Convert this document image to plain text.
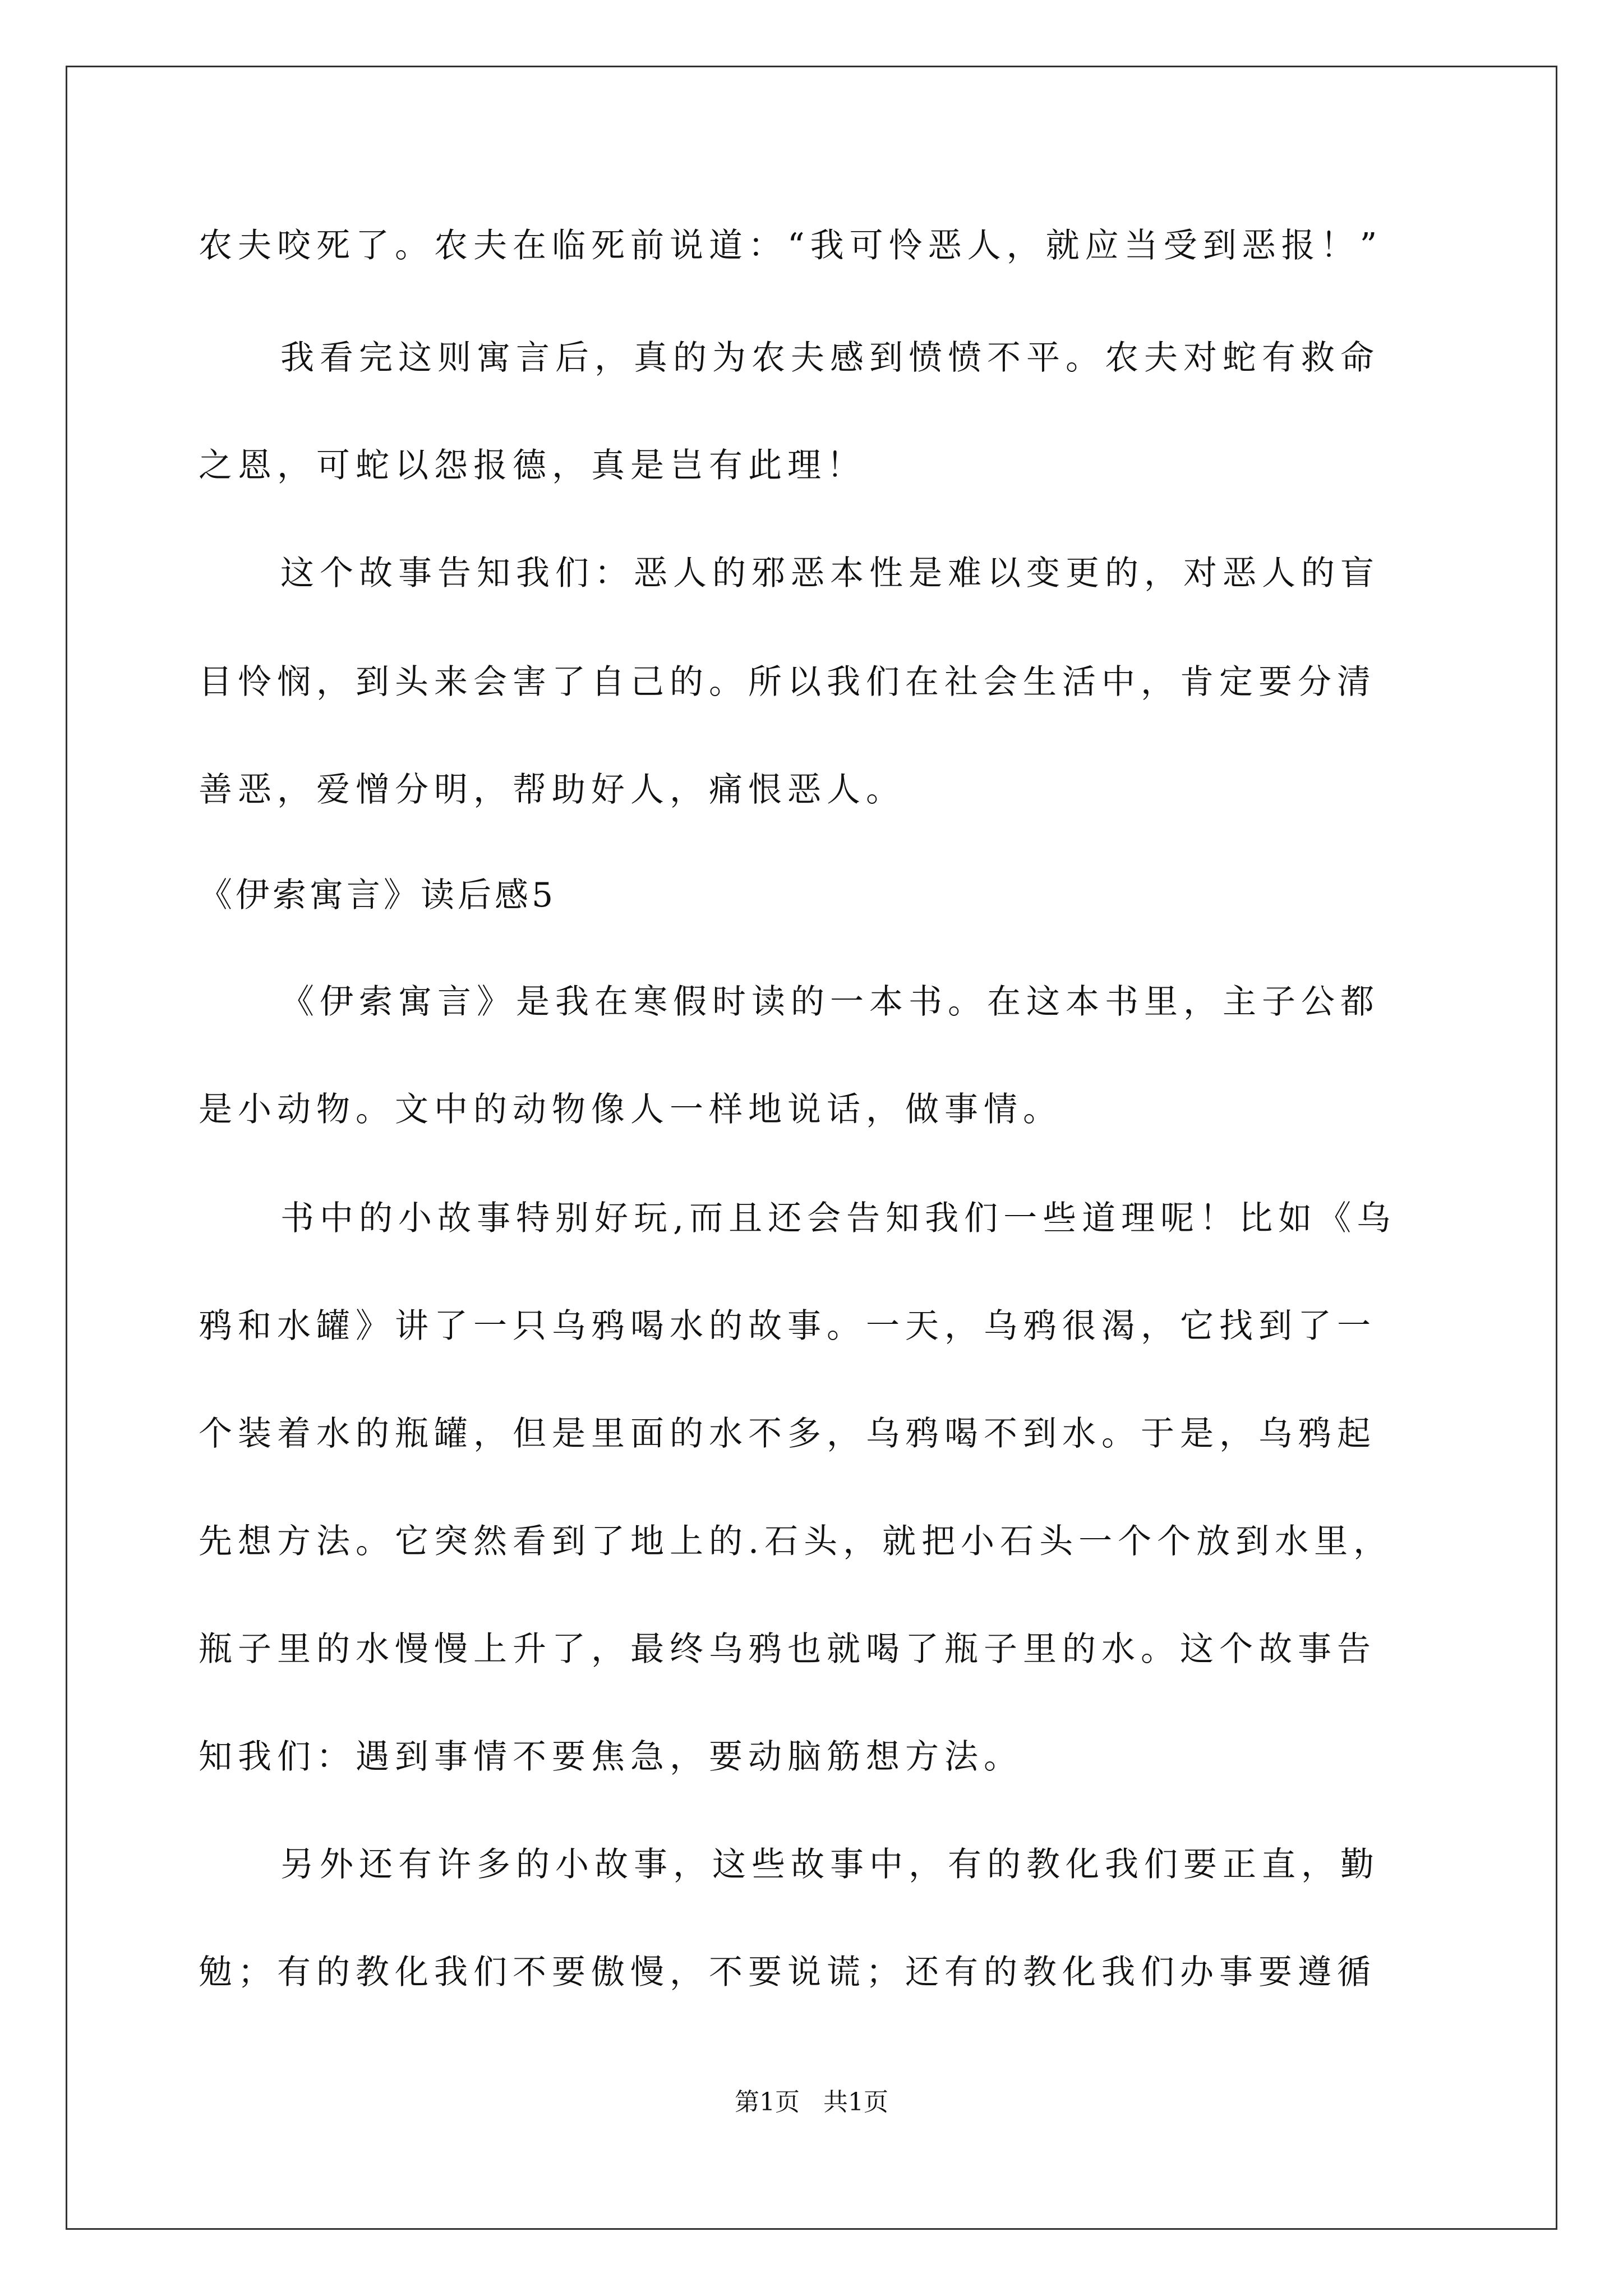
农夫咬死了。农夫在临死前说道：“我可怜恶人，就应当受到恶报！”
我看完这则寓言后，真的为农夫感到愤愤不平。农夫对蛇有救命
之恩，可蛇以怨报德，真是岂有此理！
这个故事告知我们：恶人的邪恶本性是难以变更的，对恶人的盲
目怜悯，到头来会害了自己的。所以我们在社会生活中，肯定要分清
善恶，爱憎分明，帮助好人，痛恨恶人。
《伊索寓言》读后感5
《伊索寓言》是我在寒假时读的一本书。在这本书里，主子公都
是小动物。文中的动物像人一样地说话，做事情。
书中的小故事特别好玩,而且还会告知我们一些道理呢！比如《乌
鸦和水罐》讲了一只乌鸦喝水的故事。一天，乌鸦很渴，它找到了一
个装着水的瓶罐，但是里面的水不多，乌鸦喝不到水。于是，乌鸦起
先想方法。它突然看到了地上的.石头，就把小石头一个个放到水里，
瓶子里的水慢慢上升了，最终乌鸦也就喝了瓶子里的水。这个故事告
知我们：遇到事情不要焦急，要动脑筋想方法。
另外还有许多的小故事，这些故事中，有的教化我们要正直，勤
勉；有的教化我们不要傲慢，不要说谎；还有的教化我们办事要遵循
第1页   共1页
